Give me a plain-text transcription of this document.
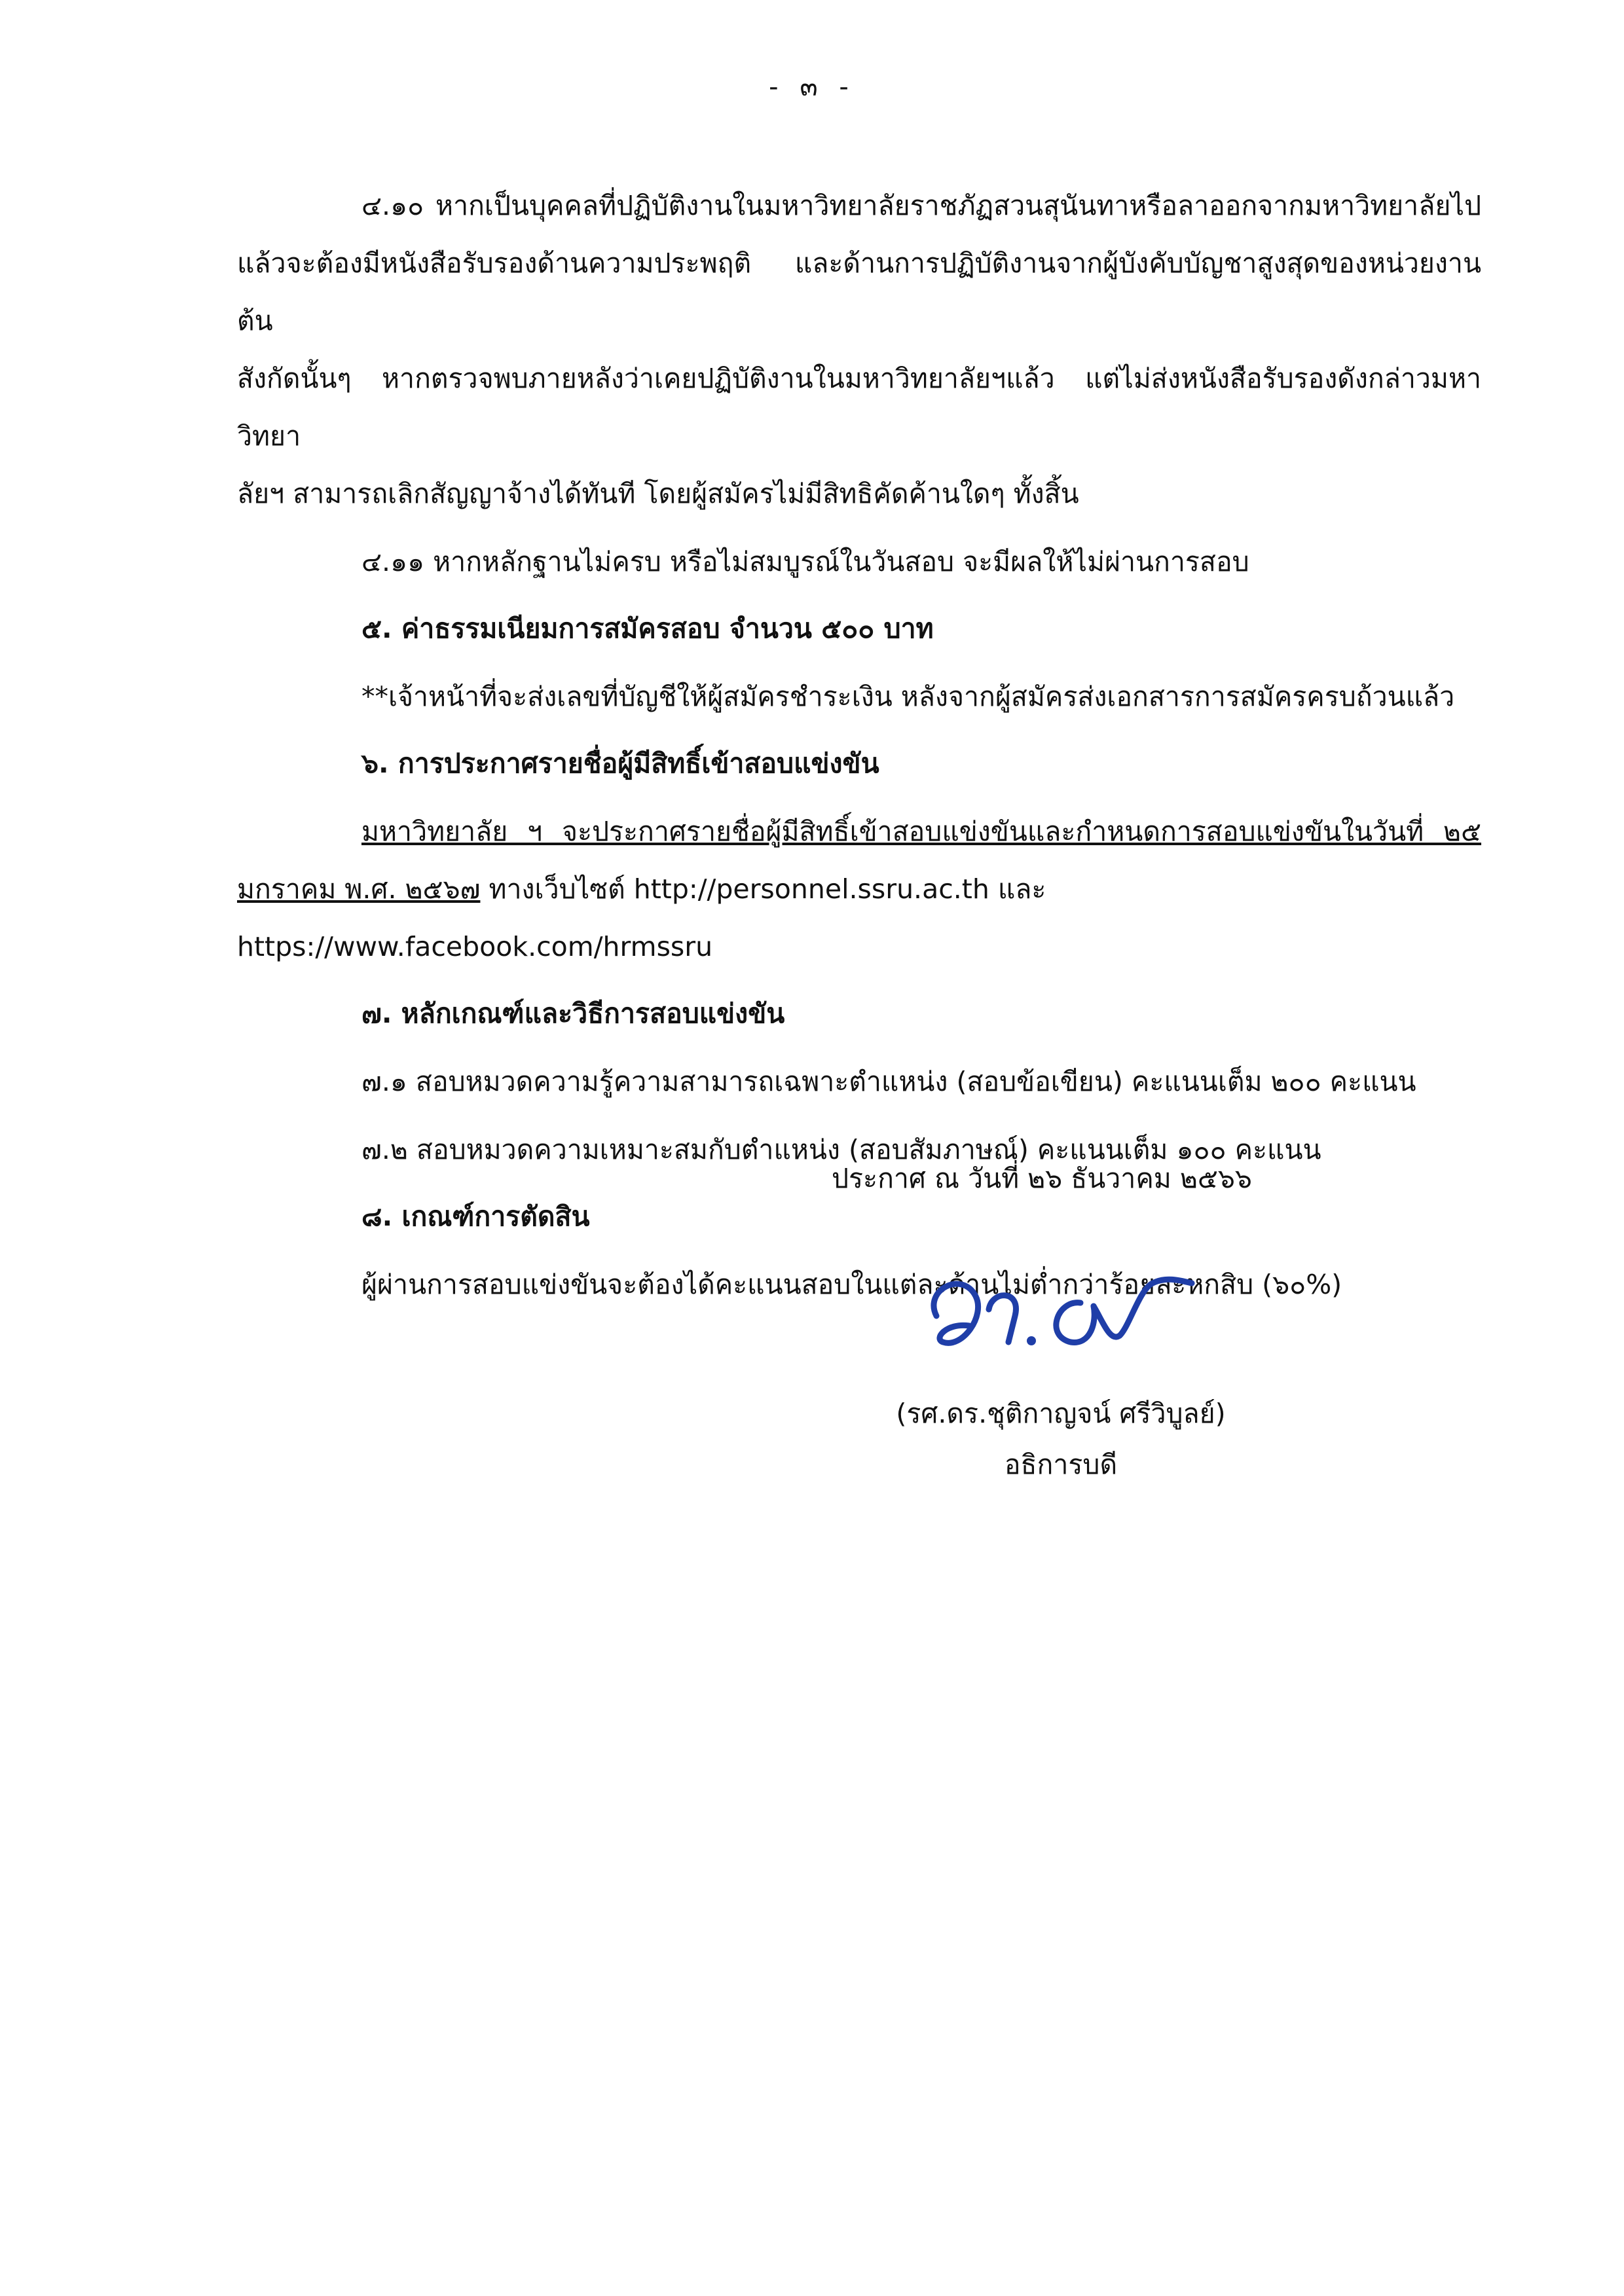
- ๓ -

๔.๑๐ หากเป็นบุคคลที่ปฏิบัติงานในมหาวิทยาลัยราชภัฏสวนสุนันทาหรือลาออกจากมหาวิทยาลัยไป

แล้วจะต้องมีหนังสือรับรองด้านความประพฤติ และด้านการปฏิบัติงานจากผู้บังคับบัญชาสูงสุดของหน่วยงานต้น

สังกัดนั้นๆ หากตรวจพบภายหลังว่าเคยปฏิบัติงานในมหาวิทยาลัยฯแล้ว แต่ไม่ส่งหนังสือรับรองดังกล่าวมหาวิทยา

ลัยฯ สามารถเลิกสัญญาจ้างได้ทันที โดยผู้สมัครไม่มีสิทธิคัดค้านใดๆ ทั้งสิ้น

๔.๑๑ หากหลักฐานไม่ครบ หรือไม่สมบูรณ์ในวันสอบ จะมีผลให้ไม่ผ่านการสอบ

๕. ค่าธรรมเนียมการสมัครสอบ จำนวน ๕๐๐ บาท

**เจ้าหน้าที่จะส่งเลขที่บัญชีให้ผู้สมัครชำระเงิน หลังจากผู้สมัครส่งเอกสารการสมัครครบถ้วนแล้ว

๖. การประกาศรายชื่อผู้มีสิทธิ์เข้าสอบแข่งขัน

มหาวิทยาลัย ฯ จะประกาศรายชื่อผู้มีสิทธิ์เข้าสอบแข่งขันและกำหนดการสอบแข่งขันในวันที่ ๒๕

มกราคม พ.ศ. ๒๕๖๗ ทางเว็บไซต์ http://personnel.ssru.ac.th และ https://www.facebook.com/hrmssru

๗. หลักเกณฑ์และวิธีการสอบแข่งขัน

๗.๑ สอบหมวดความรู้ความสามารถเฉพาะตำแหน่ง (สอบข้อเขียน) คะแนนเต็ม ๒๐๐ คะแนน

๗.๒ สอบหมวดความเหมาะสมกับตำแหน่ง (สอบสัมภาษณ์) คะแนนเต็ม ๑๐๐ คะแนน

๘. เกณฑ์การตัดสิน

ผู้ผ่านการสอบแข่งขันจะต้องได้คะแนนสอบในแต่ละด้านไม่ต่ำกว่าร้อยละหกสิบ (๖๐%)

ประกาศ ณ วันที่ ๒๖ ธันวาคม ๒๕๖๖
(รศ.ดร.ชุติกาญจน์ ศรีวิบูลย์)
อธิการบดี
